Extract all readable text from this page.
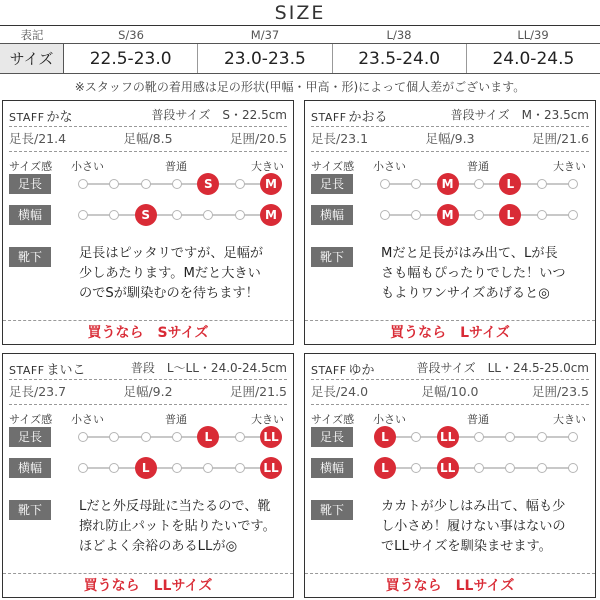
SIZE
表記	S/36	M/37	L/38	LL/39
サイズ	22.5-23.0	23.0-23.5	23.5-24.0	24.0-24.5
※スタッフの靴の着用感は足の形状(甲幅・甲高・形)によって個人差がございます。
STAFF かな	普段サイズ　S・22.5cm
足長/21.4	足幅/8.5	足囲/20.5
サイズ感 小さい	普通	大きい
足長	S	M
横幅	S	M
靴下	足長はピッタリですが、足幅が
少しあたります。Mだと大きい
のでSが馴染むのを待ちます！
買うなら　Sサイズ
STAFF かおる	普段サイズ　M・23.5cm
足長/23.1	足幅/9.3	足囲/21.6
サイズ感 小さい	普通	大きい
足長	M	L
横幅	M	L
靴下	Mだと足長がはみ出て、Lが長
さも幅もぴったりでした！いつ
もよりワンサイズあげると◎
買うなら　Lサイズ
STAFF まいこ	普段　L〜LL・24.0-24.5cm
足長/23.7	足幅/9.2	足囲/21.5
サイズ感 小さい	普通	大きい
足長	L	LL
横幅	L	LL
靴下	Lだと外反母趾に当たるので、靴
擦れ防止パットを貼りたいです。
ほどよく余裕のあるLLが◎
買うなら　LLサイズ
STAFF ゆか	普段サイズ　LL・24.5-25.0cm
足長/24.0	足幅/10.0	足囲/23.5
サイズ感 小さい	普通	大きい
足長	L	LL
横幅	L	LL
靴下	カカトが少しはみ出て、幅も少
し小さめ！履けない事はないの
でLLサイズを馴染ませます。
買うなら　LLサイズ
